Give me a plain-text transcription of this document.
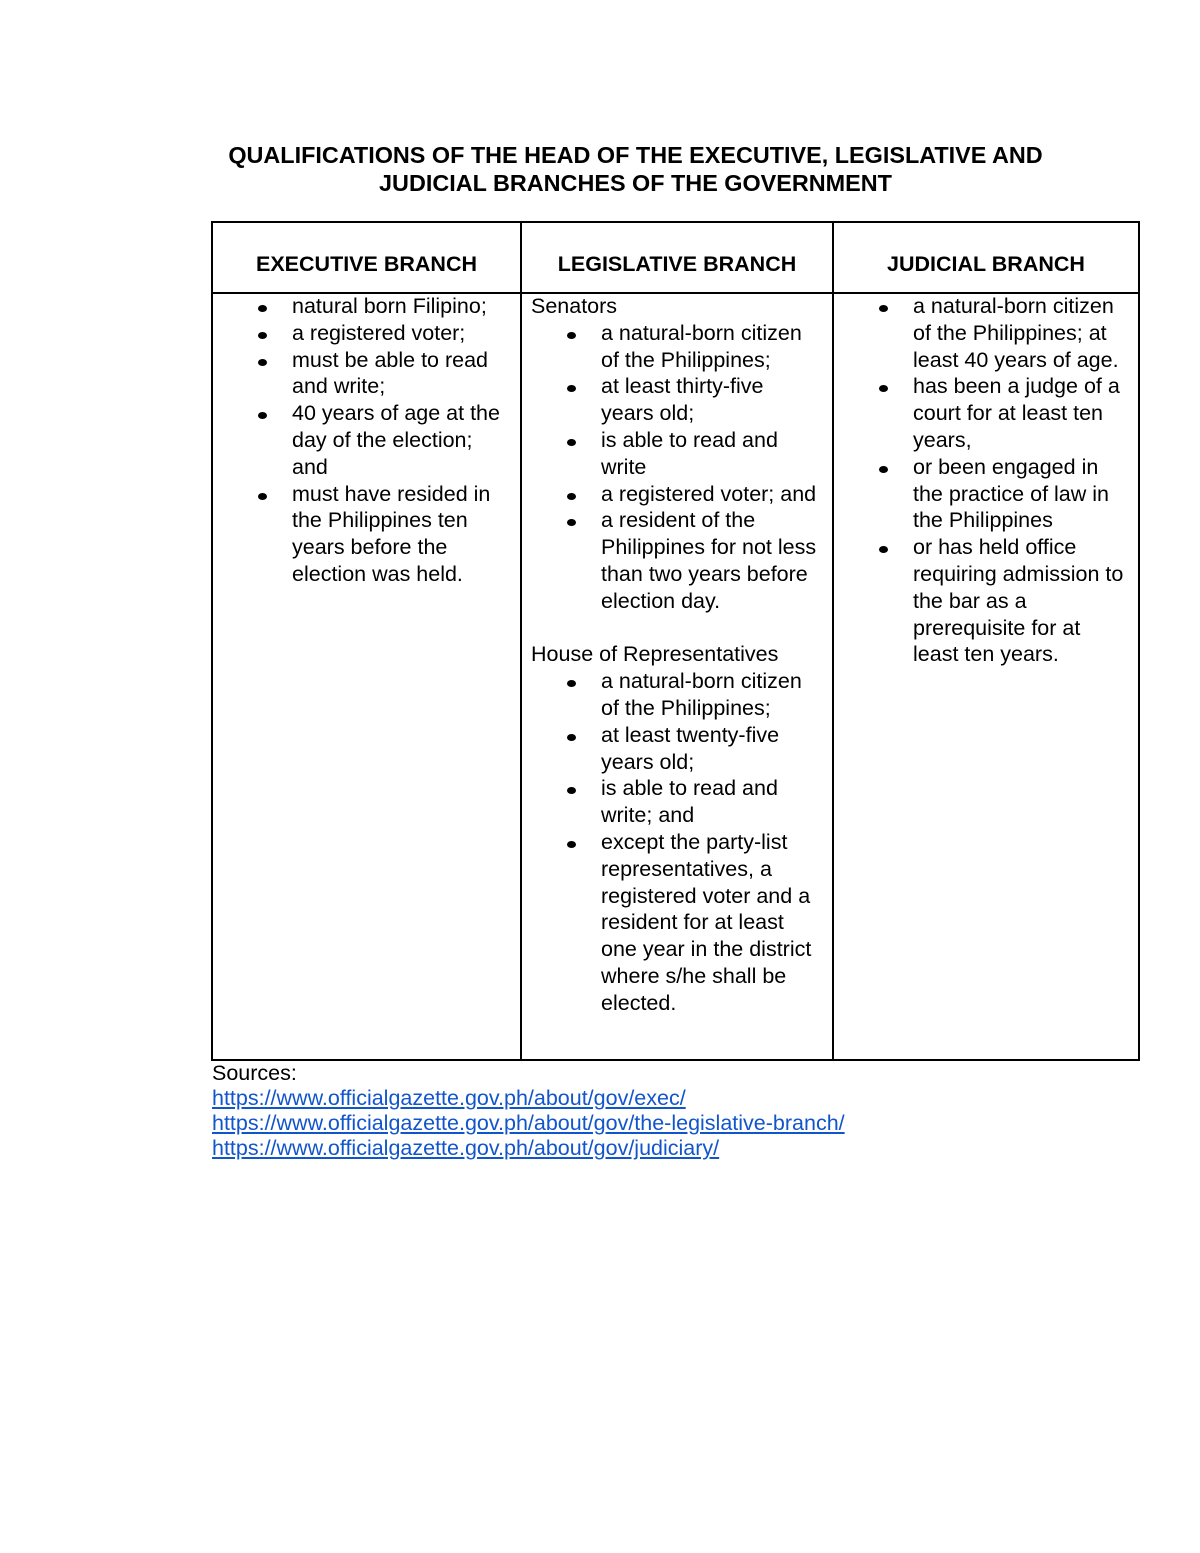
QUALIFICATIONS OF THE HEAD OF THE EXECUTIVE, LEGISLATIVE AND JUDICIAL BRANCHES OF THE GOVERNMENT
EXECUTIVE BRANCH	LEGISLATIVE BRANCH	JUDICIAL BRANCH
natural born Filipino;
a registered voter;
must be able to read and write;
40 years of age at the day of the election; and
must have resided in the Philippines ten years before the election was held.
Senators
a natural-born citizen of the Philippines;
at least thirty-five years old;
is able to read and write
a registered voter; and
a resident of the Philippines for not less than two years before election day.
House of Representatives
a natural-born citizen of the Philippines;
at least twenty-five years old;
is able to read and write; and
except the party-list representatives, a registered voter and a resident for at least one year in the district where s/he shall be elected.
a natural-born citizen of the Philippines; at least 40 years of age.
has been a judge of a court for at least ten years,
or been engaged in the practice of law in the Philippines
or has held office requiring admission to the bar as a prerequisite for at least ten years.
Sources:
https://www.officialgazette.gov.ph/about/gov/exec/
https://www.officialgazette.gov.ph/about/gov/the-legislative-branch/
https://www.officialgazette.gov.ph/about/gov/judiciary/
